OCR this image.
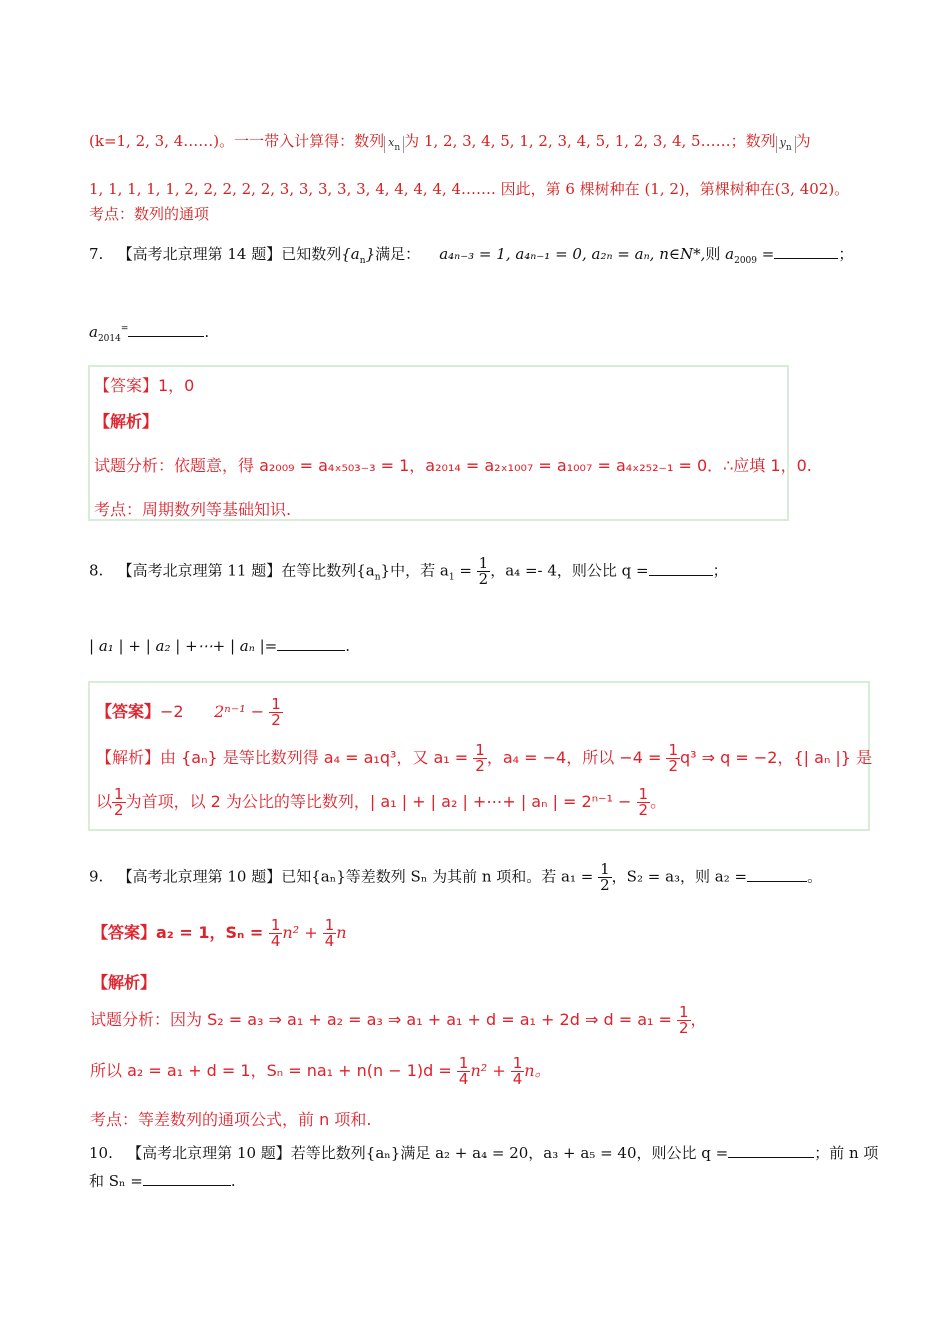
(k=1, 2, 3, 4……)。一一带入计算得：数列 $x_n$ 为 1, 2, 3, 4, 5, 1, 2, 3, 4, 5, 1, 2, 3, 4, 5……；数列 $y_n$ 为
1, 1, 1, 1, 1, 2, 2, 2, 2, 2, 3, 3, 3, 3, 3, 4, 4, 4, 4, 4……. 因此，第 6 棵树种在 (1, 2)，第棵树种在(3, 402)。
考点：数列的通项
7. 【高考北京理第 14 题】已知数列$\{a_n\}$满足： a₄ₙ₋₃ = 1, a₄ₙ₋₁ = 0, a₂ₙ = aₙ, n∈N*,则 $a_{2009}$ =	；
$a_{2014}^=$	.
【答案】1，0
【解析】
试题分析：依题意，得 a₂₀₀₉ = a₄ₓ₅₀₃₋₃ = 1，a₂₀₁₄ = a₂ₓ₁₀₀₇ = a₁₀₀₇ = a₄ₓ₂₅₂₋₁ = 0．∴应填 1，0.
考点：周期数列等基础知识.
8. 【高考北京理第 11 题】在等比数列$\{a_n\}$中，若 $a_1 = \frac{1}{2}$ ，a₄ =- 4，则公比 q =	；
| a₁ | + | a₂ | +⋯+ | aₙ |=	.
【答案】−2 $2^{n-1} - \frac{1}{2}$
【解析】由 {aₙ} 是等比数列得 a₄ = a₁q³，又 $a_1 = \frac{1}{2}$ ，a₄ = −4，所以 $-4 = \frac{1}{2} q^3$ ⇒ q = −2，{| aₙ |} 是
以 $\frac{1}{2}$ 为首项，以 2 为公比的等比数列，| a₁ | + | a₂ | +⋯+ | aₙ | = $2^{n-1} - \frac{1}{2}$ 。
9. 【高考北京理第 10 题】已知{aₙ}等差数列 Sₙ 为其前 n 项和。若 $a_1 = \frac{1}{2}$ ，S₂ = a₃，则 a₂ =	。
【答案】a₂ = 1，$S_n = \frac{1}{4} n^2 + \frac{1}{4}$ n
【解析】
试题分析：因为 S₂ = a₃ ⇒ a₁ + a₂ = a₃ ⇒ a₁ + a₁ + d = a₁ + 2d ⇒ $d = a_1 = \frac{1}{2}$ ，
所以 a₂ = a₁ + d = 1，$S_n = na_1 + n(n - 1)d = \frac{1}{4} n^2 + \frac{1}{4}$ n。
考点：等差数列的通项公式，前 n 项和.
10. 【高考北京理第 10 题】若等比数列{aₙ}满足 a₂ + a₄ = 20，a₃ + a₅ = 40，则公比 q =	；前 n 项
和 Sₙ =	.
